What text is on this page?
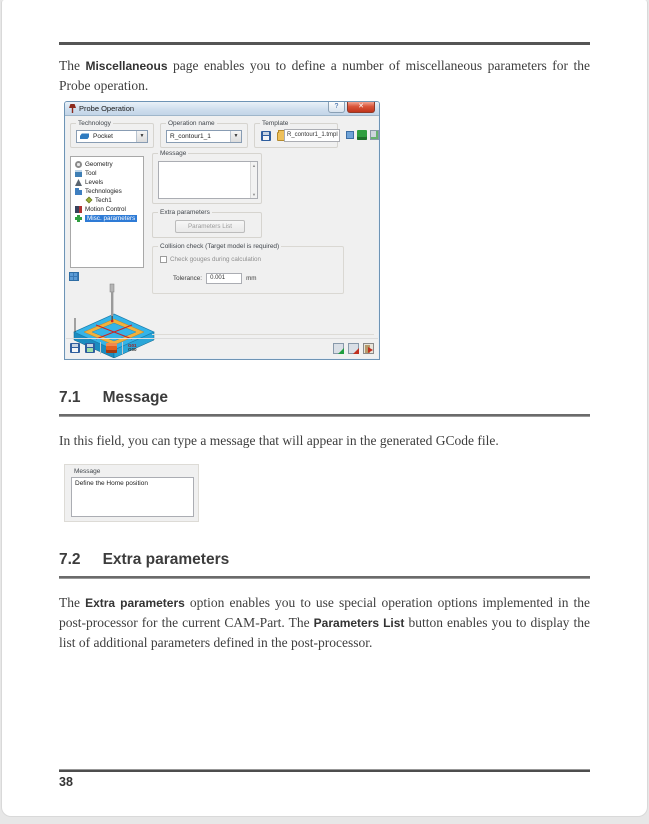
The Miscellaneous page enables you to define a number of miscellaneous parameters for the Probe operation.

Probe Operation	?	✕
Technology
Pocket	▼
Operation name
R_contour1_1	▼
Template
R_contour1_1.tmpl
Geometry
Tool
Levels
Technologies
Tech1
Motion Control
Misc. parameters
Message
▲
▼
Extra parameters
Parameters List
Collision check (Target model is required)
Check gouges during calculation
Tolerance:	0.001	mm
G01
G00
7.1 Message

In this field, you can type a message that will appear in the generated GCode file.

Message
Define the Home position
7.2 Extra parameters

The Extra parameters option enables you to use special operation options implemented in the post-processor for the current CAM-Part. The Parameters List button enables you to display the list of additional parameters defined in the post-processor.

38
